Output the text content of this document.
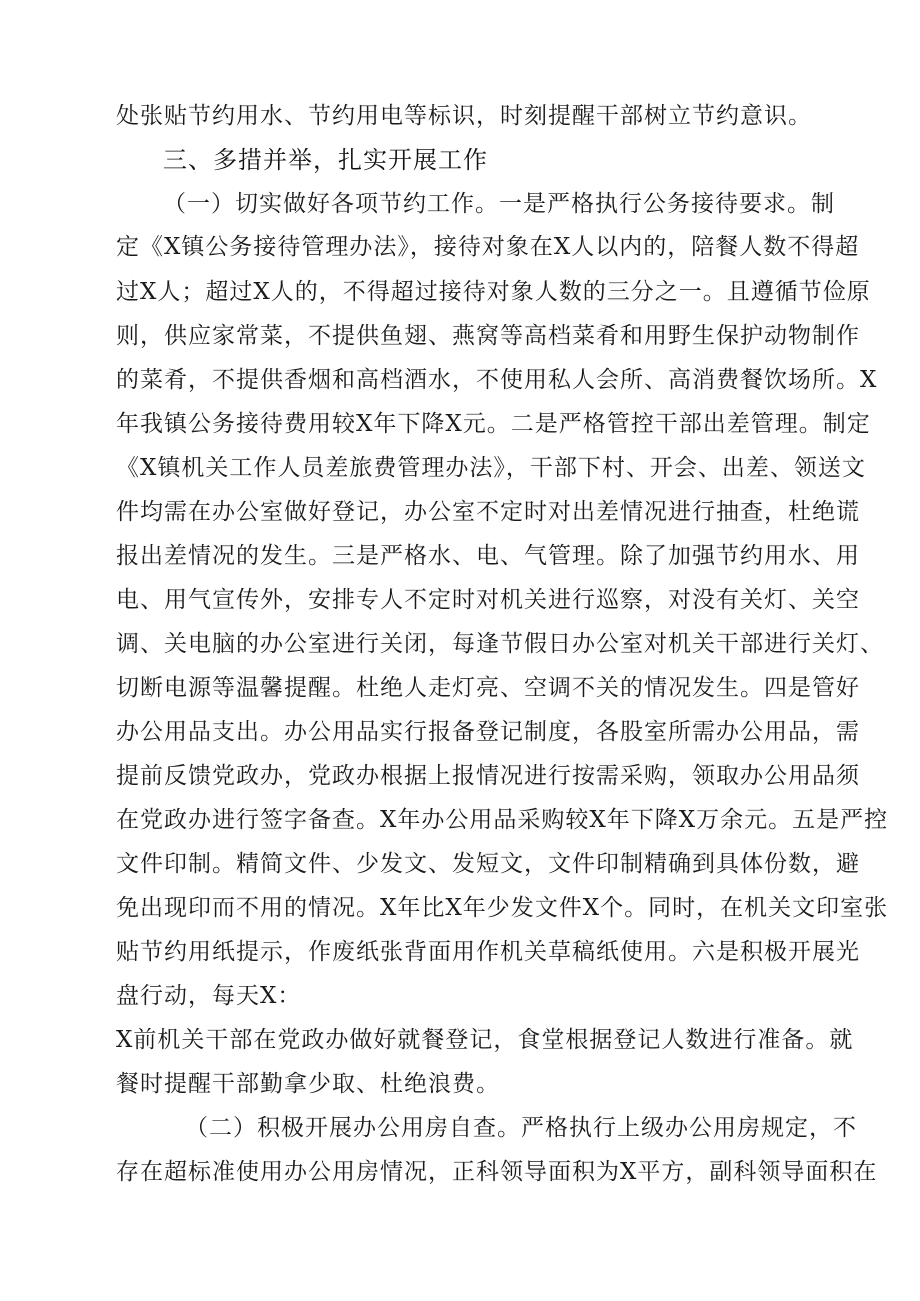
处张贴节约用水、节约用电等标识，时刻提醒干部树立节约意识。
三、多措并举，扎实开展工作
（一）切实做好各项节约工作。一是严格执行公务接待要求。制
定《X镇公务接待管理办法》，接待对象在X人以内的，陪餐人数不得超
过X人；超过X人的，不得超过接待对象人数的三分之一。且遵循节俭原
则，供应家常菜，不提供鱼翅、燕窝等高档菜肴和用野生保护动物制作
的菜肴，不提供香烟和高档酒水，不使用私人会所、高消费餐饮场所。X
年我镇公务接待费用较X年下降X元。二是严格管控干部出差管理。制定
《X镇机关工作人员差旅费管理办法》，干部下村、开会、出差、领送文
件均需在办公室做好登记，办公室不定时对出差情况进行抽查，杜绝谎
报出差情况的发生。三是严格水、电、气管理。除了加强节约用水、用
电、用气宣传外，安排专人不定时对机关进行巡察，对没有关灯、关空
调、关电脑的办公室进行关闭，每逢节假日办公室对机关干部进行关灯、
切断电源等温馨提醒。杜绝人走灯亮、空调不关的情况发生。四是管好
办公用品支出。办公用品实行报备登记制度，各股室所需办公用品，需
提前反馈党政办，党政办根据上报情况进行按需采购，领取办公用品须
在党政办进行签字备查。X年办公用品采购较X年下降X万余元。五是严控
文件印制。精简文件、少发文、发短文，文件印制精确到具体份数，避
免出现印而不用的情况。X年比X年少发文件X个。同时，在机关文印室张
贴节约用纸提示，作废纸张背面用作机关草稿纸使用。六是积极开展光
盘行动，每天X：
X前机关干部在党政办做好就餐登记，食堂根据登记人数进行准备。就
餐时提醒干部勤拿少取、杜绝浪费。
（二）积极开展办公用房自查。严格执行上级办公用房规定，不
存在超标准使用办公用房情况，正科领导面积为X平方，副科领导面积在
